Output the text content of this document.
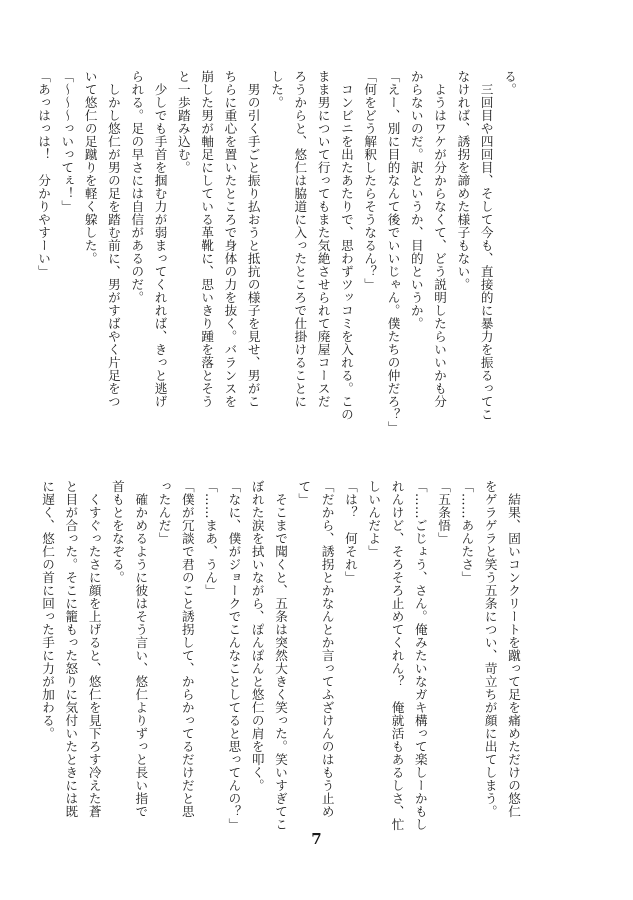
る。
　三回目や四回目、そして今も、直接的に暴力を振るってこ
なければ、誘拐を諦めた様子もない。
　ようはワケが分からなくて、どう説明したらいいかも分
からないのだ。訳というか、目的というか。
「えー、別に目的なんて後でいいじゃん。僕たちの仲だろ？」
「何をどう解釈したらそうなるん？」
　コンビニを出たあたりで、思わずツッコミを入れる。この
まま男について行ってもまた気絶させられて廃屋コースだ
ろうからと、悠仁は脇道に入ったところで仕掛けることに
した。
　男の引く手ごと振り払おうと抵抗の様子を見せ、男がこ
ちらに重心を置いたところで身体の力を抜く。バランスを
崩した男が軸足にしている革靴に、思いきり踵を落とそう
と一歩踏み込む。
　少しでも手首を掴む力が弱まってくれれば、きっと逃げ
られる。足の早さには自信があるのだ。
　しかし悠仁が男の足を踏む前に、男がすばやく片足をつ
いて悠仁の足蹴りを軽く躱した。
「〜〜〜っいってぇ！」
「あっはっは！　分かりやすーい」
　結果、固いコンクリートを蹴って足を痛めただけの悠仁
をゲラゲラと笑う五条につい、苛立ちが顔に出てしまう。
「……あんたさ」
「五条悟」
「……ごじょう、さん。俺みたいなガキ構って楽しーかもし
れんけど、そろそろ止めてくれん？　俺就活もあるしさ、忙
しいんだよ」
「は？　何それ」
「だから、誘拐とかなんとか言ってふざけんのはもう止め
て」
　そこまで聞くと、五条は突然大きく笑った。笑いすぎてこ
ぼれた涙を拭いながら、ぽんぽんと悠仁の肩を叩く。
「なに、僕がジョークでこんなことしてると思ってんの？」
「……まあ、うん」
「僕が冗談で君のこと誘拐して、からかってるだけだと思
ったんだ」
　確かめるように彼はそう言い、悠仁よりずっと長い指で
首もとをなぞる。
　くすぐったさに顔を上げると、悠仁を見下ろす冷えた蒼
と目が合った。そこに籠もった怒りに気付いたときには既
に遅く、悠仁の首に回った手に力が加わる。
7
